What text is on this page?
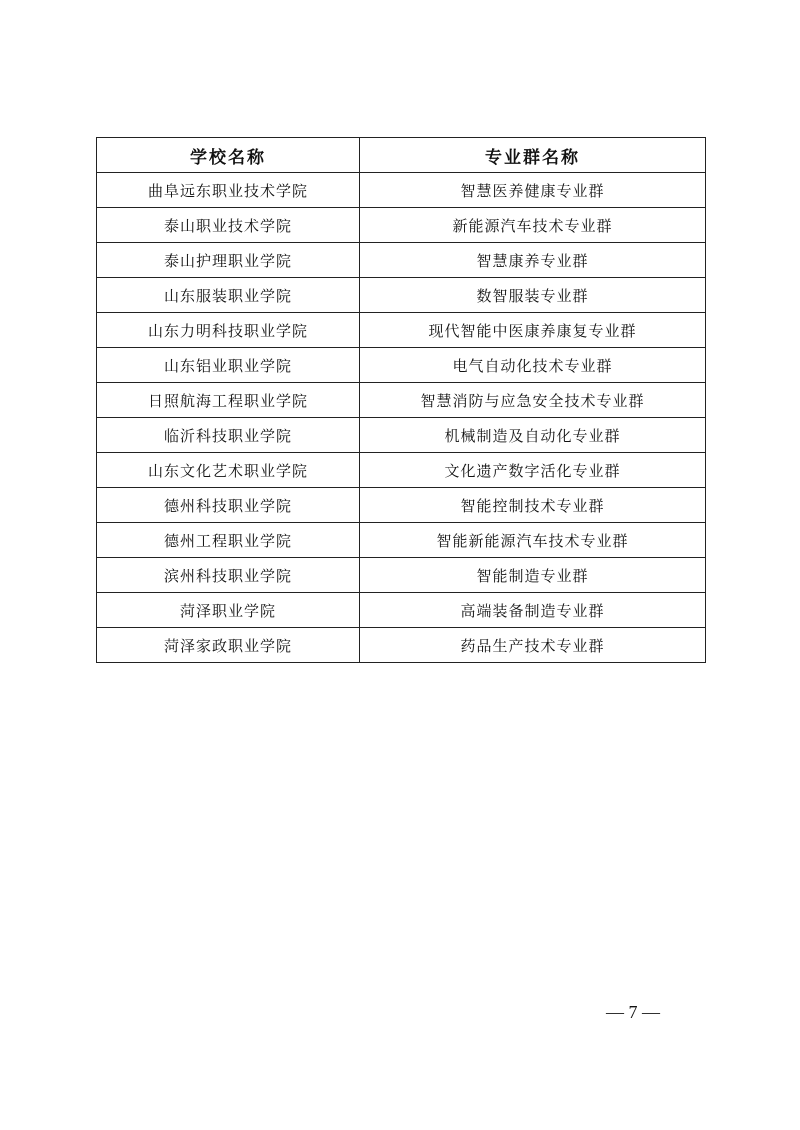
学校名称	专业群名称
曲阜远东职业技术学院	智慧医养健康专业群
泰山职业技术学院	新能源汽车技术专业群
泰山护理职业学院	智慧康养专业群
山东服装职业学院	数智服装专业群
山东力明科技职业学院	现代智能中医康养康复专业群
山东铝业职业学院	电气自动化技术专业群
日照航海工程职业学院	智慧消防与应急安全技术专业群
临沂科技职业学院	机械制造及自动化专业群
山东文化艺术职业学院	文化遗产数字活化专业群
德州科技职业学院	智能控制技术专业群
德州工程职业学院	智能新能源汽车技术专业群
滨州科技职业学院	智能制造专业群
菏泽职业学院	高端装备制造专业群
菏泽家政职业学院	药品生产技术专业群
— 7 —
